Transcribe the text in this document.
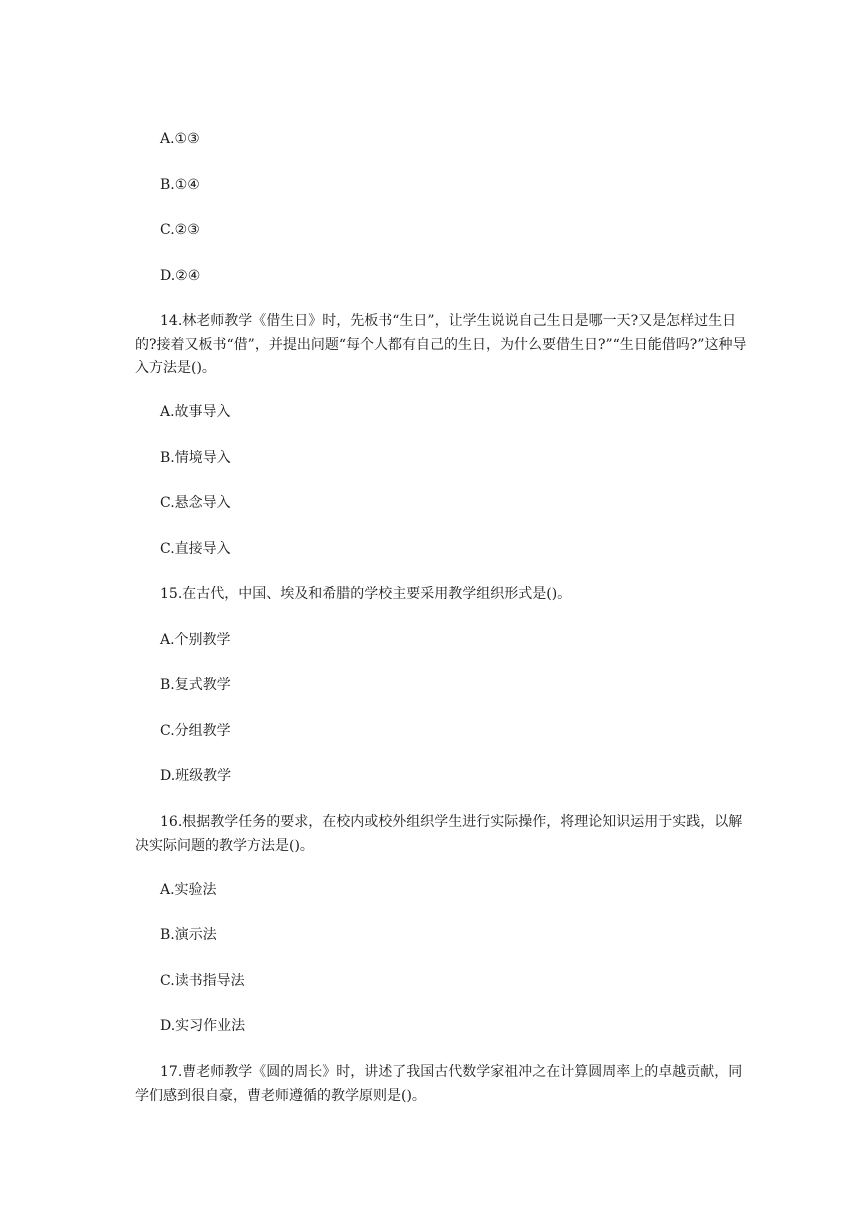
A.①③
B.①④
C.②③
D.②④
14.林老师教学《借生日》时，先板书“生日”，让学生说说自己生日是哪一天?又是怎样过生日的?接着又板书“借”，并提出问题“每个人都有自己的生日，为什么要借生日?”“生日能借吗?”这种导入方法是()。
A.故事导入
B.情境导入
C.悬念导入
C.直接导入
15.在古代，中国、埃及和希腊的学校主要采用教学组织形式是()。
A.个别教学
B.复式教学
C.分组教学
D.班级教学
16.根据教学任务的要求，在校内或校外组织学生进行实际操作，将理论知识运用于实践，以解决实际问题的教学方法是()。
A.实验法
B.演示法
C.读书指导法
D.实习作业法
17.曹老师教学《圆的周长》时，讲述了我国古代数学家祖冲之在计算圆周率上的卓越贡献，同学们感到很自豪，曹老师遵循的教学原则是()。
